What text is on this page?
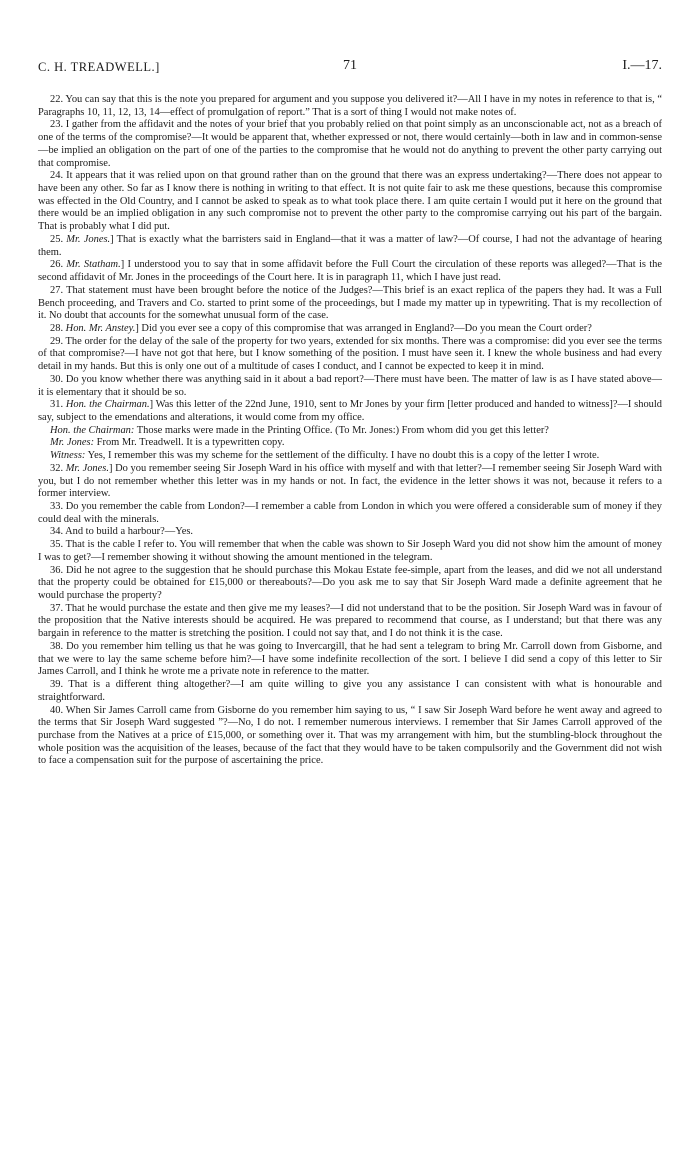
C. H. TREADWELL.]	71	I.—17.

22. You can say that this is the note you prepared for argument and you suppose you delivered it?—All I have in my notes in reference to that is, “ Paragraphs 10, 11, 12, 13, 14—effect of promulgation of report.” That is a sort of thing I would not make notes of.

23. I gather from the affidavit and the notes of your brief that you probably relied on that point simply as an unconscionable act, not as a breach of one of the terms of the compromise?—It would be apparent that, whether expressed or not, there would certainly—both in law and in common-sense—be implied an obligation on the part of one of the parties to the compromise that he would not do anything to prevent the other party carrying out that compromise.

24. It appears that it was relied upon on that ground rather than on the ground that there was an express undertaking?—There does not appear to have been any other. So far as I know there is nothing in writing to that effect. It is not quite fair to ask me these questions, because this compromise was effected in the Old Country, and I cannot be asked to speak as to what took place there. I am quite certain I would put it here on the ground that there would be an implied obligation in any such compromise not to prevent the other party to the compromise carrying out his part of the bargain. That is probably what I did put.

25. Mr. Jones.] That is exactly what the barristers said in England—that it was a matter of law?—Of course, I had not the advantage of hearing them.

26. Mr. Statham.] I understood you to say that in some affidavit before the Full Court the circulation of these reports was alleged?—That is the second affidavit of Mr. Jones in the proceedings of the Court here. It is in paragraph 11, which I have just read.

27. That statement must have been brought before the notice of the Judges?—This brief is an exact replica of the papers they had. It was a Full Bench proceeding, and Travers and Co. started to print some of the proceedings, but I made my matter up in typewriting. That is my recollection of it. No doubt that accounts for the somewhat unusual form of the case.

28. Hon. Mr. Anstey.] Did you ever see a copy of this compromise that was arranged in England?—Do you mean the Court order?

29. The order for the delay of the sale of the property for two years, extended for six months. There was a compromise: did you ever see the terms of that compromise?—I have not got that here, but I know something of the position. I must have seen it. I knew the whole business and had every detail in my hands. But this is only one out of a multitude of cases I conduct, and I cannot be expected to keep it in mind.

30. Do you know whether there was anything said in it about a bad report?—There must have been. The matter of law is as I have stated above—it is elementary that it should be so.

31. Hon. the Chairman.] Was this letter of the 22nd June, 1910, sent to Mr Jones by your firm [letter produced and handed to witness]?—I should say, subject to the emendations and alterations, it would come from my office.

Hon. the Chairman: Those marks were made in the Printing Office. (To Mr. Jones:) From whom did you get this letter?

Mr. Jones: From Mr. Treadwell. It is a typewritten copy.

Witness: Yes, I remember this was my scheme for the settlement of the difficulty. I have no doubt this is a copy of the letter I wrote.

32. Mr. Jones.] Do you remember seeing Sir Joseph Ward in his office with myself and with that letter?—I remember seeing Sir Joseph Ward with you, but I do not remember whether this letter was in my hands or not. In fact, the evidence in the letter shows it was not, because it refers to a former interview.

33. Do you remember the cable from London?—I remember a cable from London in which you were offered a considerable sum of money if they could deal with the minerals.

34. And to build a harbour?—Yes.

35. That is the cable I refer to. You will remember that when the cable was shown to Sir Joseph Ward you did not show him the amount of money I was to get?—I remember showing it without showing the amount mentioned in the telegram.

36. Did he not agree to the suggestion that he should purchase this Mokau Estate fee-simple, apart from the leases, and did we not all understand that the property could be obtained for £15,000 or thereabouts?—Do you ask me to say that Sir Joseph Ward made a definite agreement that he would purchase the property?

37. That he would purchase the estate and then give me my leases?—I did not understand that to be the position. Sir Joseph Ward was in favour of the proposition that the Native interests should be acquired. He was prepared to recommend that course, as I understand; but that there was any bargain in reference to the matter is stretching the position. I could not say that, and I do not think it is the case.

38. Do you remember him telling us that he was going to Invercargill, that he had sent a telegram to bring Mr. Carroll down from Gisborne, and that we were to lay the same scheme before him?—I have some indefinite recollection of the sort. I believe I did send a copy of this letter to Sir James Carroll, and I think he wrote me a private note in reference to the matter.

39. That is a different thing altogether?—I am quite willing to give you any assistance I can consistent with what is honourable and straightforward.

40. When Sir James Carroll came from Gisborne do you remember him saying to us, “ I saw Sir Joseph Ward before he went away and agreed to the terms that Sir Joseph Ward suggested ”?—No, I do not. I remember numerous interviews. I remember that Sir James Carroll approved of the purchase from the Natives at a price of £15,000, or something over it. That was my arrangement with him, but the stumbling-block throughout the whole position was the acquisition of the leases, because of the fact that they would have to be taken compulsorily and the Government did not wish to face a compensation suit for the purpose of ascertaining the price.
